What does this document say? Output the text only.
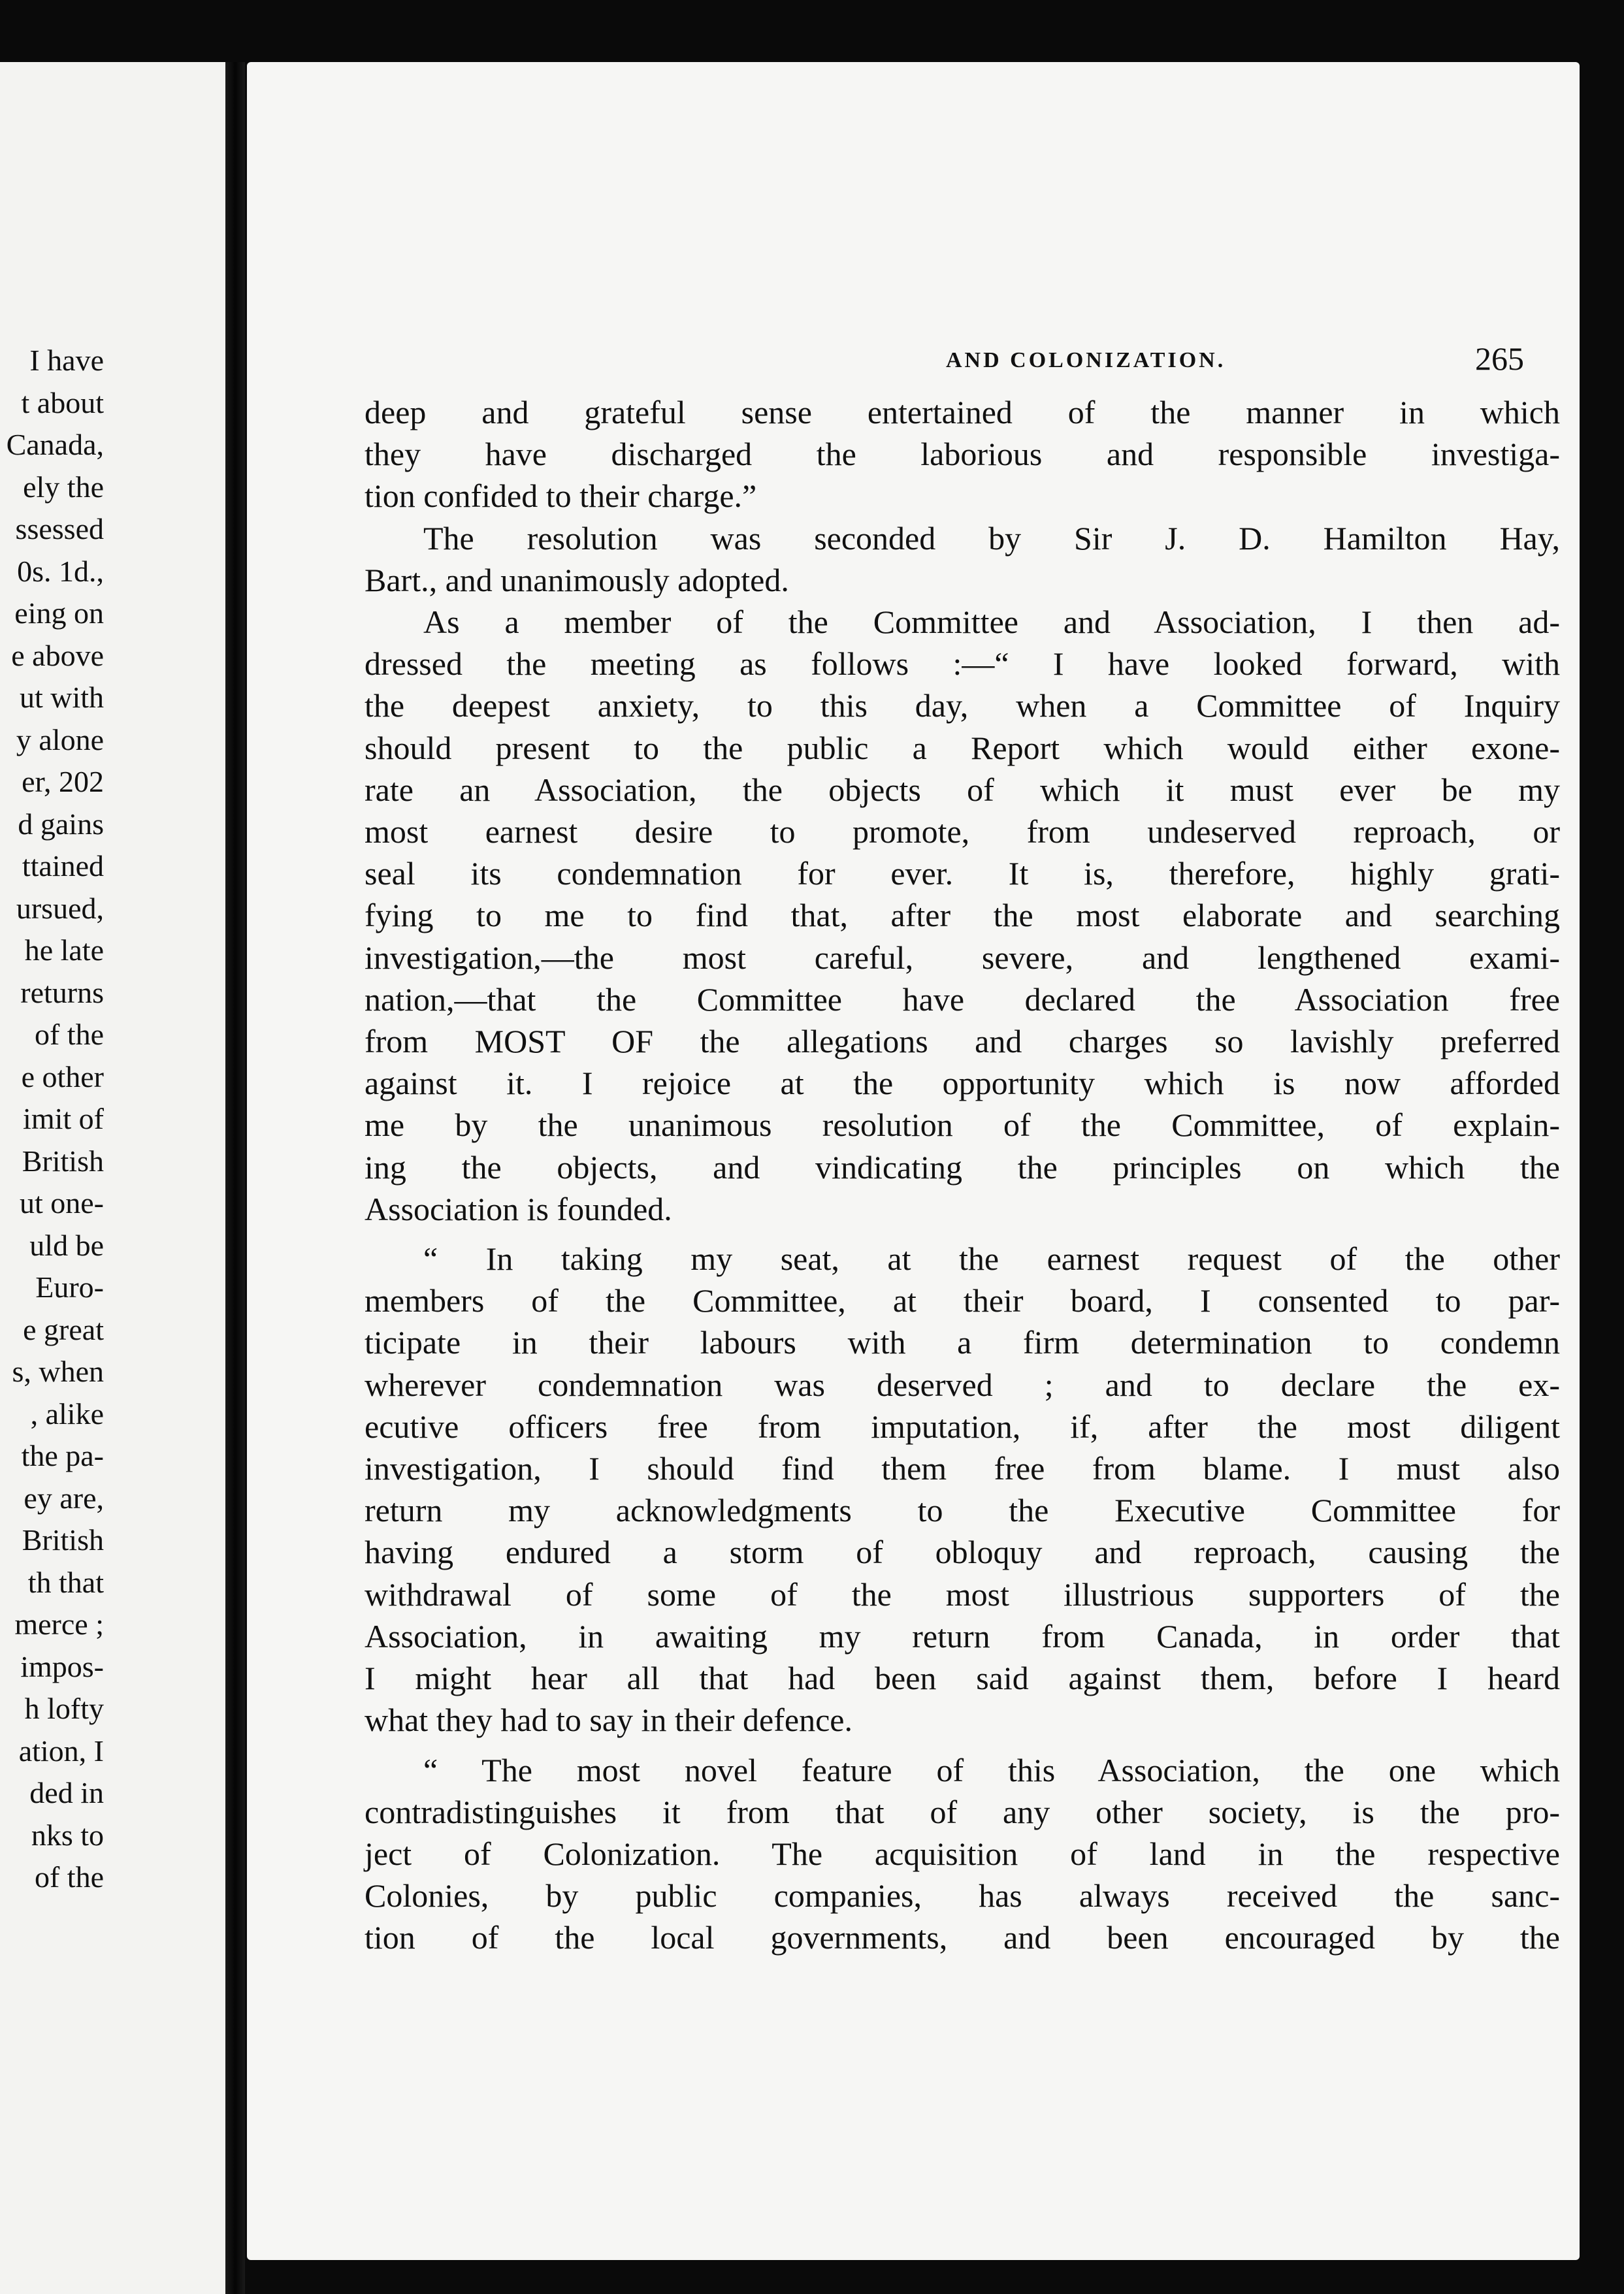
I have
t about
Canada,
ely the
ssessed
0s. 1d.,
eing on
e above
ut with
y alone
er, 202
d gains
ttained
ursued,
he late
returns
of the
e other
imit of
British
ut one-
uld be
Euro-
e great
s, when
, alike
the pa-
ey are,
British
th that
merce ;
impos-
h lofty
ation, I
ded in
nks to
of the
AND COLONIZATION.	265
deep and grateful sense entertained of the manner in which
they have discharged the laborious and responsible investiga-
tion confided to their charge.”
The resolution was seconded by Sir J. D. Hamilton Hay,
Bart., and unanimously adopted.
As a member of the Committee and Association, I then ad-
dressed the meeting as follows :—“ I have looked forward, with
the deepest anxiety, to this day, when a Committee of Inquiry
should present to the public a Report which would either exone-
rate an Association, the objects of which it must ever be my
most earnest desire to promote, from undeserved reproach, or
seal its condemnation for ever. It is, therefore, highly grati-
fying to me to find that, after the most elaborate and searching
investigation,—the most careful, severe, and lengthened exami-
nation,—that the Committee have declared the Association free
from MOST OF the allegations and charges so lavishly preferred
against it. I rejoice at the opportunity which is now afforded
me by the unanimous resolution of the Committee, of explain-
ing the objects, and vindicating the principles on which the
Association is founded.
“ In taking my seat, at the earnest request of the other
members of the Committee, at their board, I consented to par-
ticipate in their labours with a firm determination to condemn
wherever condemnation was deserved ; and to declare the ex-
ecutive officers free from imputation, if, after the most diligent
investigation, I should find them free from blame. I must also
return my acknowledgments to the Executive Committee for
having endured a storm of obloquy and reproach, causing the
withdrawal of some of the most illustrious supporters of the
Association, in awaiting my return from Canada, in order that
I might hear all that had been said against them, before I heard
what they had to say in their defence.
“ The most novel feature of this Association, the one which
contradistinguishes it from that of any other society, is the pro-
ject of Colonization. The acquisition of land in the respective
Colonies, by public companies, has always received the sanc-
tion of the local governments, and been encouraged by the
